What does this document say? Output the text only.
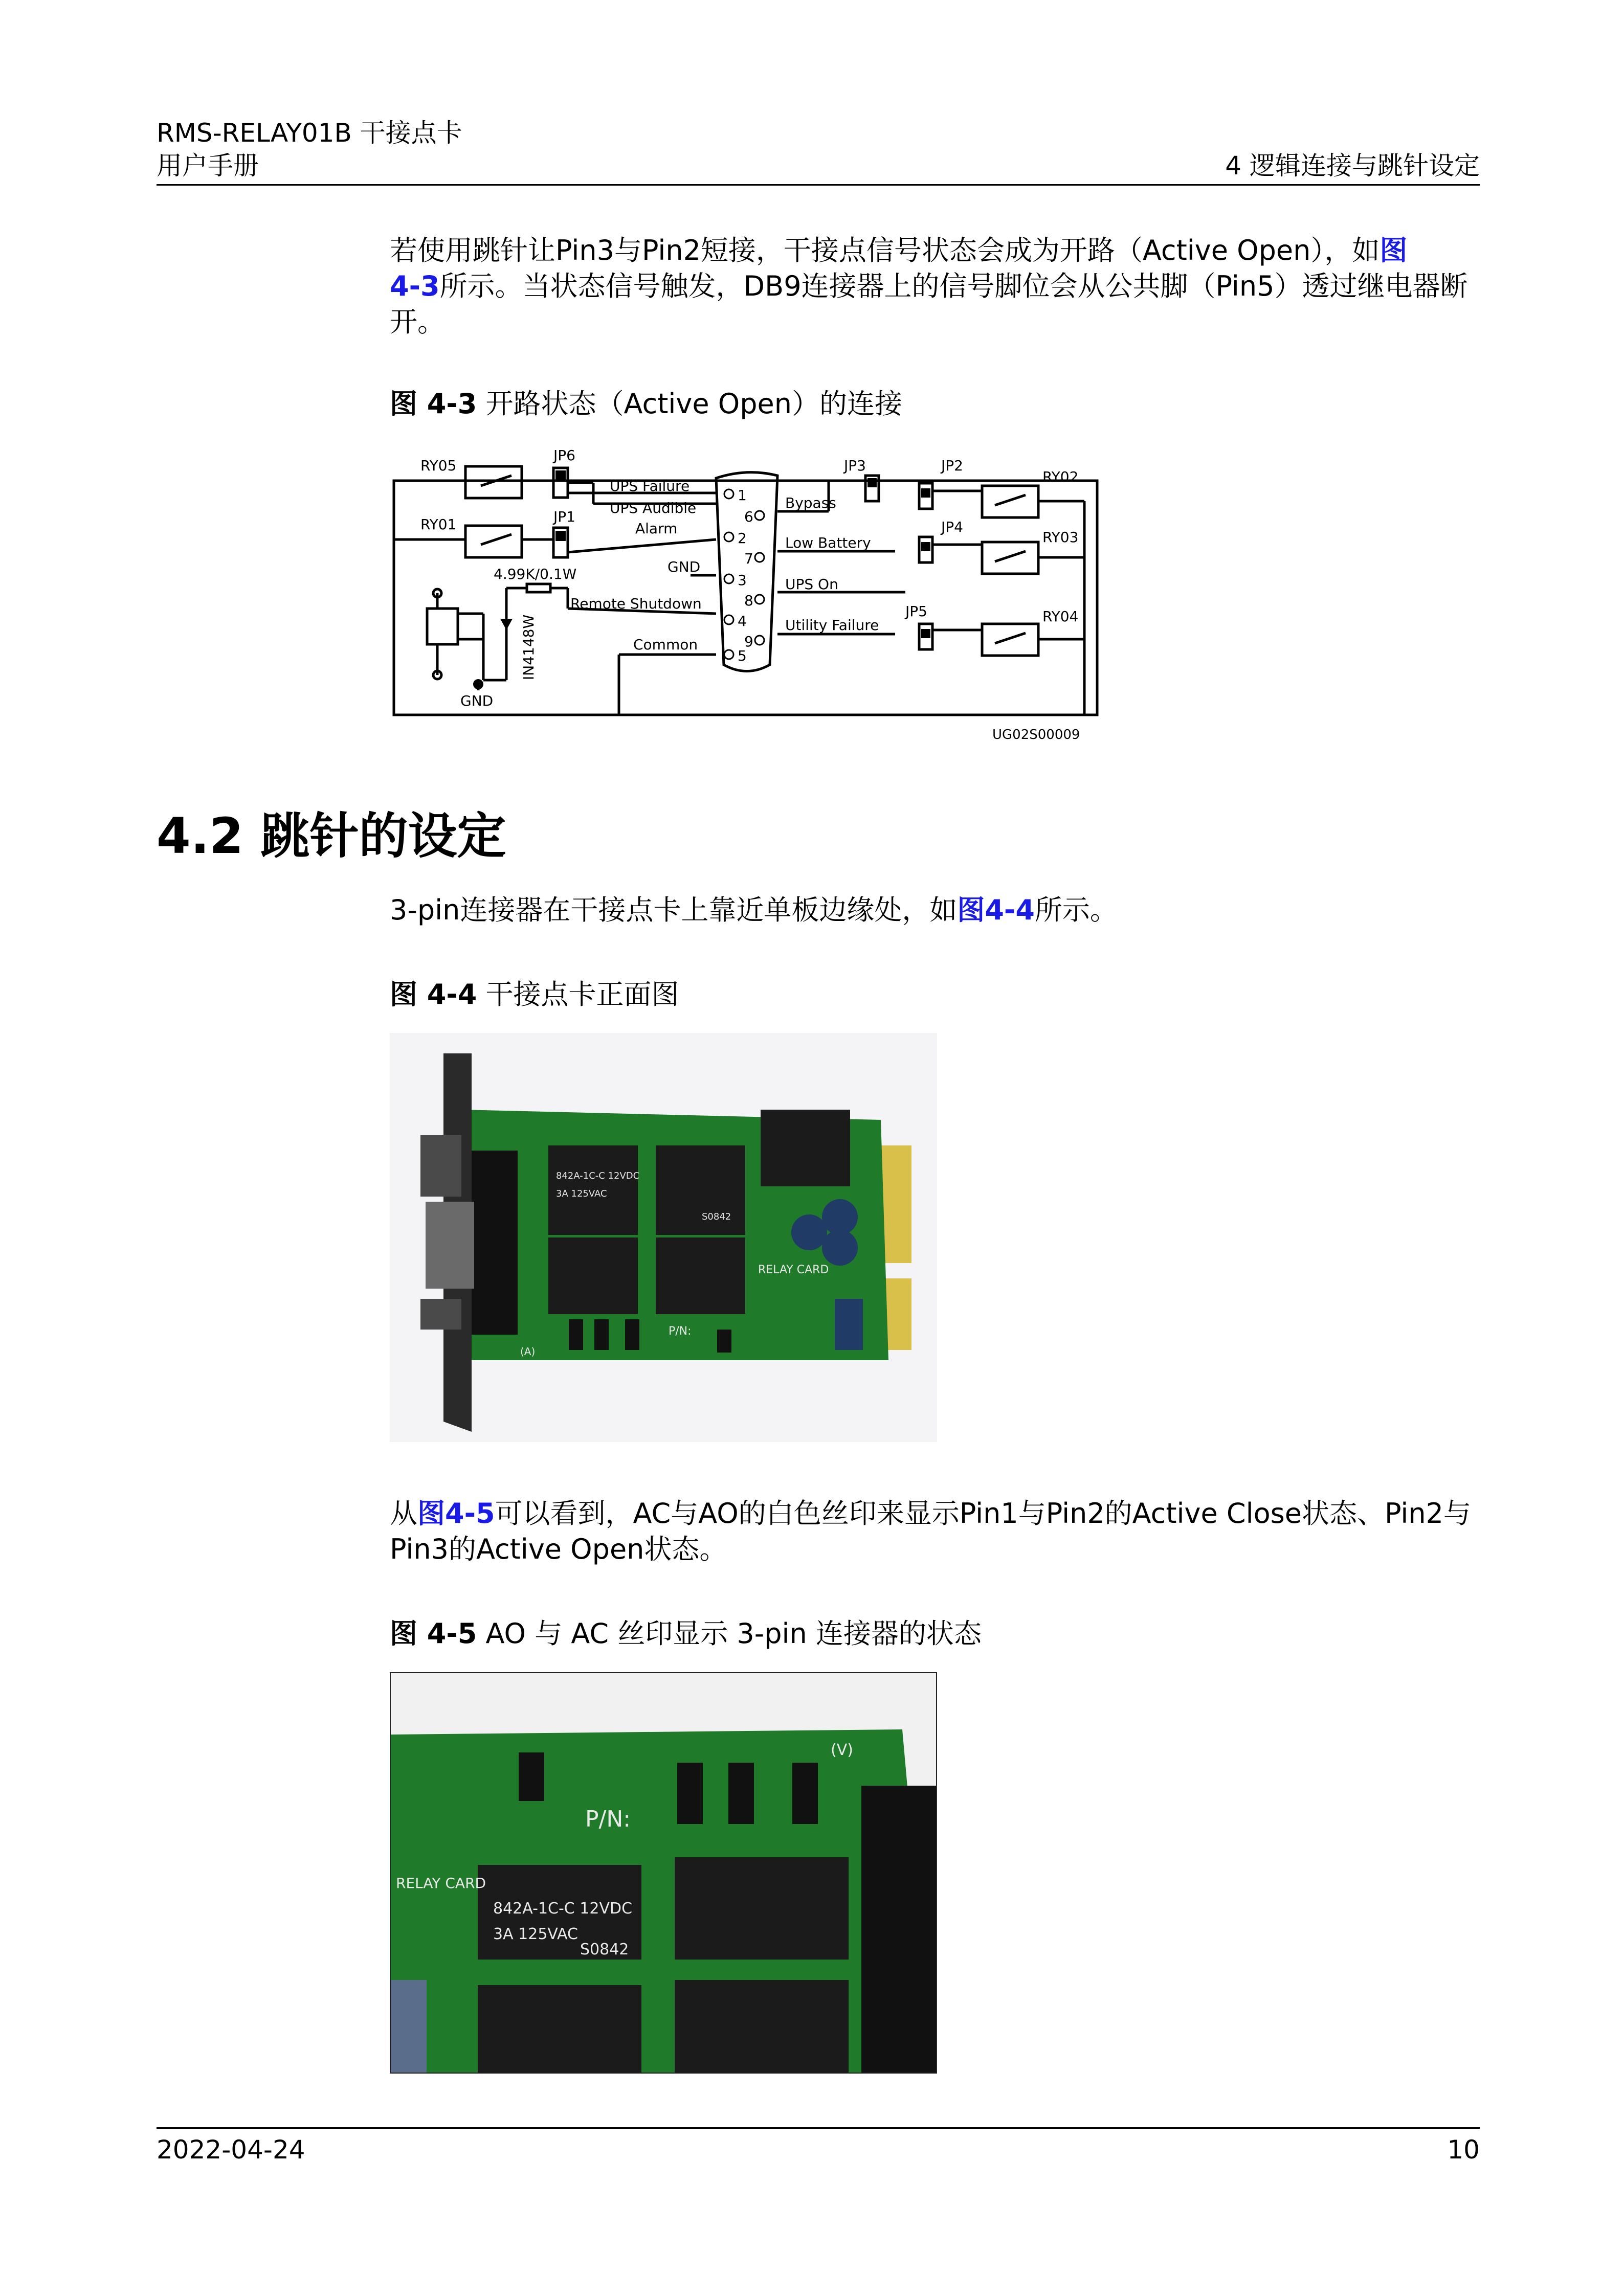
RMS-RELAY01B 干接点卡
用户手册	4 逻辑连接与跳针设定
若使用跳针让Pin3与Pin2短接，干接点信号状态会成为开路（Active Open），如图
4-3所示。当状态信号触发，DB9连接器上的信号脚位会从公共脚（Pin5）透过继电器断开。
图 4-3 开路状态（Active Open）的连接
RY05
RY01
RY02
RY03
RY04
JP6
JP1
JP3	JP2
JP4
JP5
UPS Failure
UPS Audible
Alarm
GND
Remote Shutdown
Common
Bypass
Low Battery
UPS On
Utility Failure
4.99K/0.1W
GND
UG02S00009
IN4148W
1
2
3
4
5
6
7
8
9
4.2 跳针的设定
3-pin连接器在干接点卡上靠近单板边缘处，如图4-4所示。
图 4-4 干接点卡正面图
842A-1C-C 12VDC
3A 125VAC
S0842
RELAY CARD
P/N:
(A)
从图4-5可以看到，AC与AO的白色丝印来显示Pin1与Pin2的Active Close状态、Pin2与Pin3的Active Open状态。
图 4-5 AO 与 AC 丝印显示 3-pin 连接器的状态
842A-1C-C 12VDC
3A 125VAC
S0842
RELAY CARD
P/N:
(V)
2022-04-24	10
